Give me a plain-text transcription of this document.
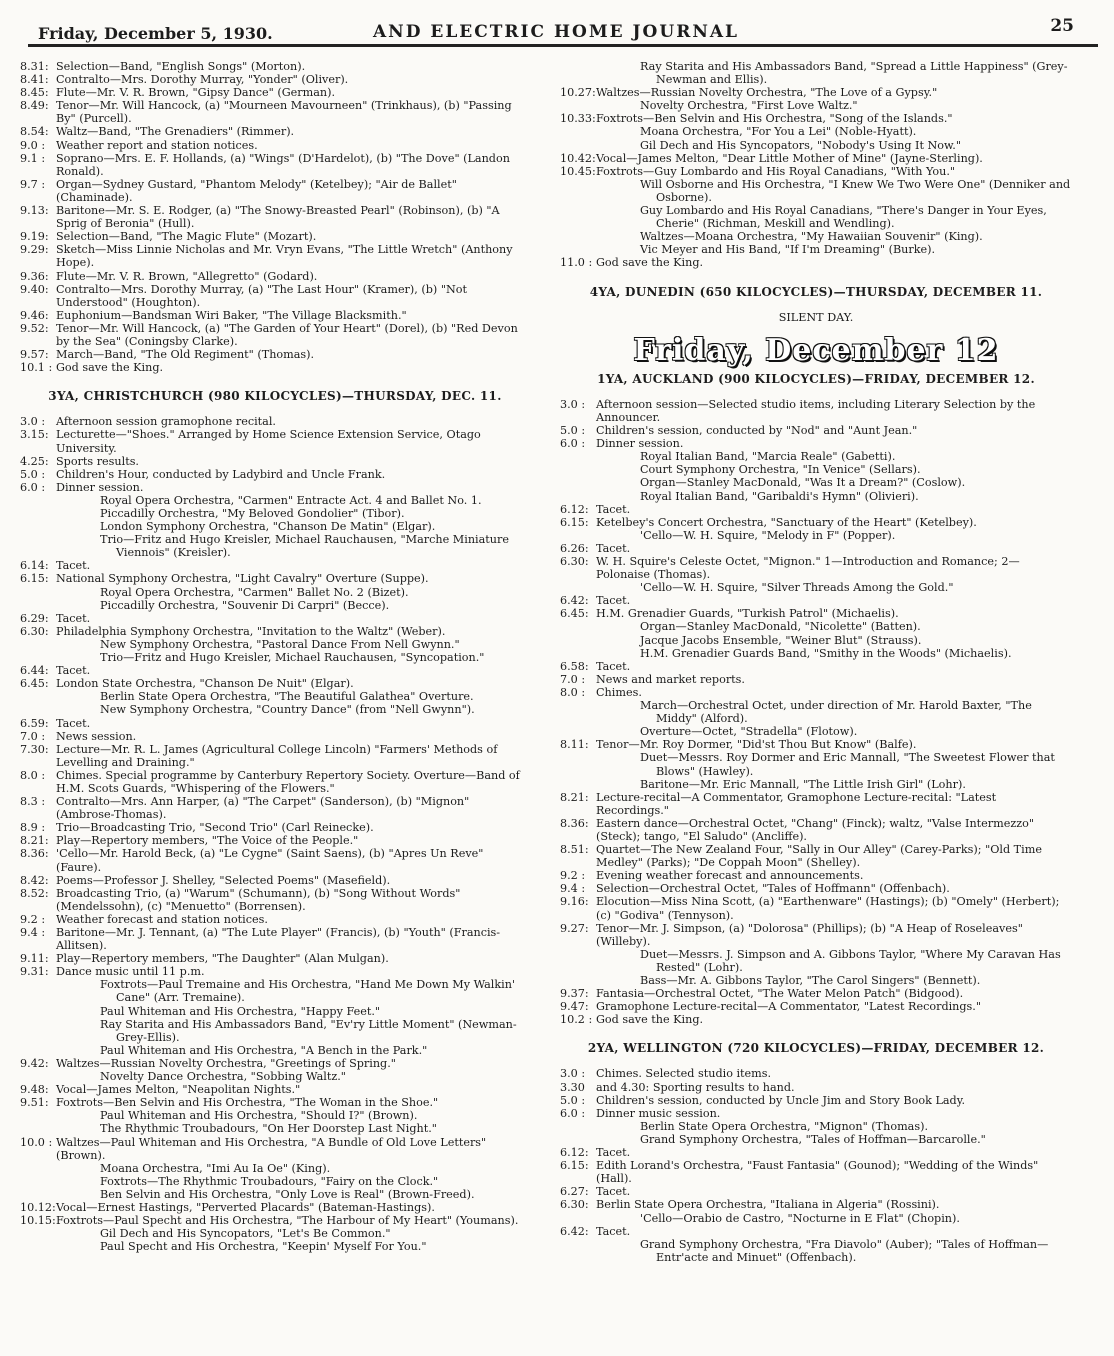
Friday, December 5, 1930.	AND ELECTRIC HOME JOURNAL	25
8.31: Selection—Band, "English Songs" (Morton).
8.41: Contralto—Mrs. Dorothy Murray, "Yonder" (Oliver).
8.45: Flute—Mr. V. R. Brown, "Gipsy Dance" (German).
8.49: Tenor—Mr. Will Hancock, (a) "Mourneen Mavourneen" (Trinkhaus), (b) "Passing By" (Purcell).
8.54: Waltz—Band, "The Grenadiers" (Rimmer).
9.0 : Weather report and station notices.
9.1 : Soprano—Mrs. E. F. Hollands, (a) "Wings" (D'Hardelot), (b) "The Dove" (Landon Ronald).
9.7 : Organ—Sydney Gustard, "Phantom Melody" (Ketelbey); "Air de Ballet" (Chaminade).
9.13: Baritone—Mr. S. E. Rodger, (a) "The Snowy-Breasted Pearl" (Robinson), (b) "A Sprig of Beronia" (Hull).
9.19: Selection—Band, "The Magic Flute" (Mozart).
9.29: Sketch—Miss Linnie Nicholas and Mr. Vryn Evans, "The Little Wretch" (Anthony Hope).
9.36: Flute—Mr. V. R. Brown, "Allegretto" (Godard).
9.40: Contralto—Mrs. Dorothy Murray, (a) "The Last Hour" (Kramer), (b) "Not Understood" (Houghton).
9.46: Euphonium—Bandsman Wiri Baker, "The Village Blacksmith."
9.52: Tenor—Mr. Will Hancock, (a) "The Garden of Your Heart" (Dorel), (b) "Red Devon by the Sea" (Coningsby Clarke).
9.57: March—Band, "The Old Regiment" (Thomas).
10.1 : God save the King.
3YA, CHRISTCHURCH (980 KILOCYCLES)—THURSDAY, DEC. 11.
3.0 : Afternoon session gramophone recital.
3.15: Lecturette—"Shoes." Arranged by Home Science Extension Service, Otago University.
4.25: Sports results.
5.0 : Children's Hour, conducted by Ladybird and Uncle Frank.
6.0 : Dinner session.
Royal Opera Orchestra, "Carmen" Entracte Act. 4 and Ballet No. 1.
Piccadilly Orchestra, "My Beloved Gondolier" (Tibor).
London Symphony Orchestra, "Chanson De Matin" (Elgar).
Trio—Fritz and Hugo Kreisler, Michael Rauchausen, "Marche Miniature Viennois" (Kreisler).
6.14: Tacet.
6.15: National Symphony Orchestra, "Light Cavalry" Overture (Suppe).
Royal Opera Orchestra, "Carmen" Ballet No. 2 (Bizet).
Piccadilly Orchestra, "Souvenir Di Carpri" (Becce).
6.29: Tacet.
6.30: Philadelphia Symphony Orchestra, "Invitation to the Waltz" (Weber).
New Symphony Orchestra, "Pastoral Dance From Nell Gwynn."
Trio—Fritz and Hugo Kreisler, Michael Rauchausen, "Syncopation."
6.44: Tacet.
6.45: London State Orchestra, "Chanson De Nuit" (Elgar).
Berlin State Opera Orchestra, "The Beautiful Galathea" Overture.
New Symphony Orchestra, "Country Dance" (from "Nell Gwynn").
6.59: Tacet.
7.0 : News session.
7.30: Lecture—Mr. R. L. James (Agricultural College Lincoln) "Farmers' Methods of Levelling and Draining."
8.0 : Chimes. Special programme by Canterbury Repertory Society. Overture—Band of H.M. Scots Guards, "Whispering of the Flowers."
8.3 : Contralto—Mrs. Ann Harper, (a) "The Carpet" (Sanderson), (b) "Mignon" (Ambrose-Thomas).
8.9 : Trio—Broadcasting Trio, "Second Trio" (Carl Reinecke).
8.21: Play—Repertory members, "The Voice of the People."
8.36: 'Cello—Mr. Harold Beck, (a) "Le Cygne" (Saint Saens), (b) "Apres Un Reve" (Faure).
8.42: Poems—Professor J. Shelley, "Selected Poems" (Masefield).
8.52: Broadcasting Trio, (a) "Warum" (Schumann), (b) "Song Without Words" (Mendelssohn), (c) "Menuetto" (Borrensen).
9.2 : Weather forecast and station notices.
9.4 : Baritone—Mr. J. Tennant, (a) "The Lute Player" (Francis), (b) "Youth" (Francis-Allitsen).
9.11: Play—Repertory members, "The Daughter" (Alan Mulgan).
9.31: Dance music until 11 p.m.
Foxtrots—Paul Tremaine and His Orchestra, "Hand Me Down My Walkin' Cane" (Arr. Tremaine).
Paul Whiteman and His Orchestra, "Happy Feet."
Ray Starita and His Ambassadors Band, "Ev'ry Little Moment" (Newman-Grey-Ellis).
Paul Whiteman and His Orchestra, "A Bench in the Park."
9.42: Waltzes—Russian Novelty Orchestra, "Greetings of Spring."
Novelty Dance Orchestra, "Sobbing Waltz."
9.48: Vocal—James Melton, "Neapolitan Nights."
9.51: Foxtrots—Ben Selvin and His Orchestra, "The Woman in the Shoe."
Paul Whiteman and His Orchestra, "Should I?" (Brown).
The Rhythmic Troubadours, "On Her Doorstep Last Night."
10.0 : Waltzes—Paul Whiteman and His Orchestra, "A Bundle of Old Love Letters" (Brown).
Moana Orchestra, "Imi Au Ia Oe" (King).
Foxtrots—The Rhythmic Troubadours, "Fairy on the Clock."
Ben Selvin and His Orchestra, "Only Love is Real" (Brown-Freed).
10.12: Vocal—Ernest Hastings, "Perverted Placards" (Bateman-Hastings).
10.15: Foxtrots—Paul Specht and His Orchestra, "The Harbour of My Heart" (Youmans).
Gil Dech and His Syncopators, "Let's Be Common."
Paul Specht and His Orchestra, "Keepin' Myself For You."
Ray Starita and His Ambassadors Band, "Spread a Little Happiness" (Grey-Newman and Ellis).
10.27: Waltzes—Russian Novelty Orchestra, "The Love of a Gypsy."
Novelty Orchestra, "First Love Waltz."
10.33: Foxtrots—Ben Selvin and His Orchestra, "Song of the Islands."
Moana Orchestra, "For You a Lei" (Noble-Hyatt).
Gil Dech and His Syncopators, "Nobody's Using It Now."
10.42: Vocal—James Melton, "Dear Little Mother of Mine" (Jayne-Sterling).
10.45: Foxtrots—Guy Lombardo and His Royal Canadians, "With You."
Will Osborne and His Orchestra, "I Knew We Two Were One" (Denniker and Osborne).
Guy Lombardo and His Royal Canadians, "There's Danger in Your Eyes, Cherie" (Richman, Meskill and Wendling).
Waltzes—Moana Orchestra, "My Hawaiian Souvenir" (King).
Vic Meyer and His Band, "If I'm Dreaming" (Burke).
11.0 : God save the King.
4YA, DUNEDIN (650 KILOCYCLES)—THURSDAY, DECEMBER 11.
SILENT DAY.
Friday, December 12
1YA, AUCKLAND (900 KILOCYCLES)—FRIDAY, DECEMBER 12.
3.0 : Afternoon session—Selected studio items, including Literary Selection by the Announcer.
5.0 : Children's session, conducted by "Nod" and "Aunt Jean."
6.0 : Dinner session.
Royal Italian Band, "Marcia Reale" (Gabetti).
Court Symphony Orchestra, "In Venice" (Sellars).
Organ—Stanley MacDonald, "Was It a Dream?" (Coslow).
Royal Italian Band, "Garibaldi's Hymn" (Olivieri).
6.12: Tacet.
6.15: Ketelbey's Concert Orchestra, "Sanctuary of the Heart" (Ketelbey).
'Cello—W. H. Squire, "Melody in F" (Popper).
6.26: Tacet.
6.30: W. H. Squire's Celeste Octet, "Mignon." 1—Introduction and Romance; 2—Polonaise (Thomas).
'Cello—W. H. Squire, "Silver Threads Among the Gold."
6.42: Tacet.
6.45: H.M. Grenadier Guards, "Turkish Patrol" (Michaelis).
Organ—Stanley MacDonald, "Nicolette" (Batten).
Jacque Jacobs Ensemble, "Weiner Blut" (Strauss).
H.M. Grenadier Guards Band, "Smithy in the Woods" (Michaelis).
6.58: Tacet.
7.0 : News and market reports.
8.0 : Chimes.
March—Orchestral Octet, under direction of Mr. Harold Baxter, "The Middy" (Alford).
Overture—Octet, "Stradella" (Flotow).
8.11: Tenor—Mr. Roy Dormer, "Did'st Thou But Know" (Balfe).
Duet—Messrs. Roy Dormer and Eric Mannall, "The Sweetest Flower that Blows" (Hawley).
Baritone—Mr. Eric Mannall, "The Little Irish Girl" (Lohr).
8.21: Lecture-recital—A Commentator, Gramophone Lecture-recital: "Latest Recordings."
8.36: Eastern dance—Orchestral Octet, "Chang" (Finck); waltz, "Valse Intermezzo" (Steck); tango, "El Saludo" (Ancliffe).
8.51: Quartet—The New Zealand Four, "Sally in Our Alley" (Carey-Parks); "Old Time Medley" (Parks); "De Coppah Moon" (Shelley).
9.2 : Evening weather forecast and announcements.
9.4 : Selection—Orchestral Octet, "Tales of Hoffmann" (Offenbach).
9.16: Elocution—Miss Nina Scott, (a) "Earthenware" (Hastings); (b) "Omely" (Herbert); (c) "Godiva" (Tennyson).
9.27: Tenor—Mr. J. Simpson, (a) "Dolorosa" (Phillips); (b) "A Heap of Roseleaves" (Willeby).
Duet—Messrs. J. Simpson and A. Gibbons Taylor, "Where My Caravan Has Rested" (Lohr).
Bass—Mr. A. Gibbons Taylor, "The Carol Singers" (Bennett).
9.37: Fantasia—Orchestral Octet, "The Water Melon Patch" (Bidgood).
9.47: Gramophone Lecture-recital—A Commentator, "Latest Recordings."
10.2 : God save the King.
2YA, WELLINGTON (720 KILOCYCLES)—FRIDAY, DECEMBER 12.
3.0 : Chimes. Selected studio items.
3.30 and 4.30: Sporting results to hand.
5.0 : Children's session, conducted by Uncle Jim and Story Book Lady.
6.0 : Dinner music session.
Berlin State Opera Orchestra, "Mignon" (Thomas).
Grand Symphony Orchestra, "Tales of Hoffman—Barcarolle."
6.12: Tacet.
6.15: Edith Lorand's Orchestra, "Faust Fantasia" (Gounod); "Wedding of the Winds" (Hall).
6.27: Tacet.
6.30: Berlin State Opera Orchestra, "Italiana in Algeria" (Rossini).
'Cello—Orabio de Castro, "Nocturne in E Flat" (Chopin).
6.42: Tacet.
Grand Symphony Orchestra, "Fra Diavolo" (Auber); "Tales of Hoffman—Entr'acte and Minuet" (Offenbach).
